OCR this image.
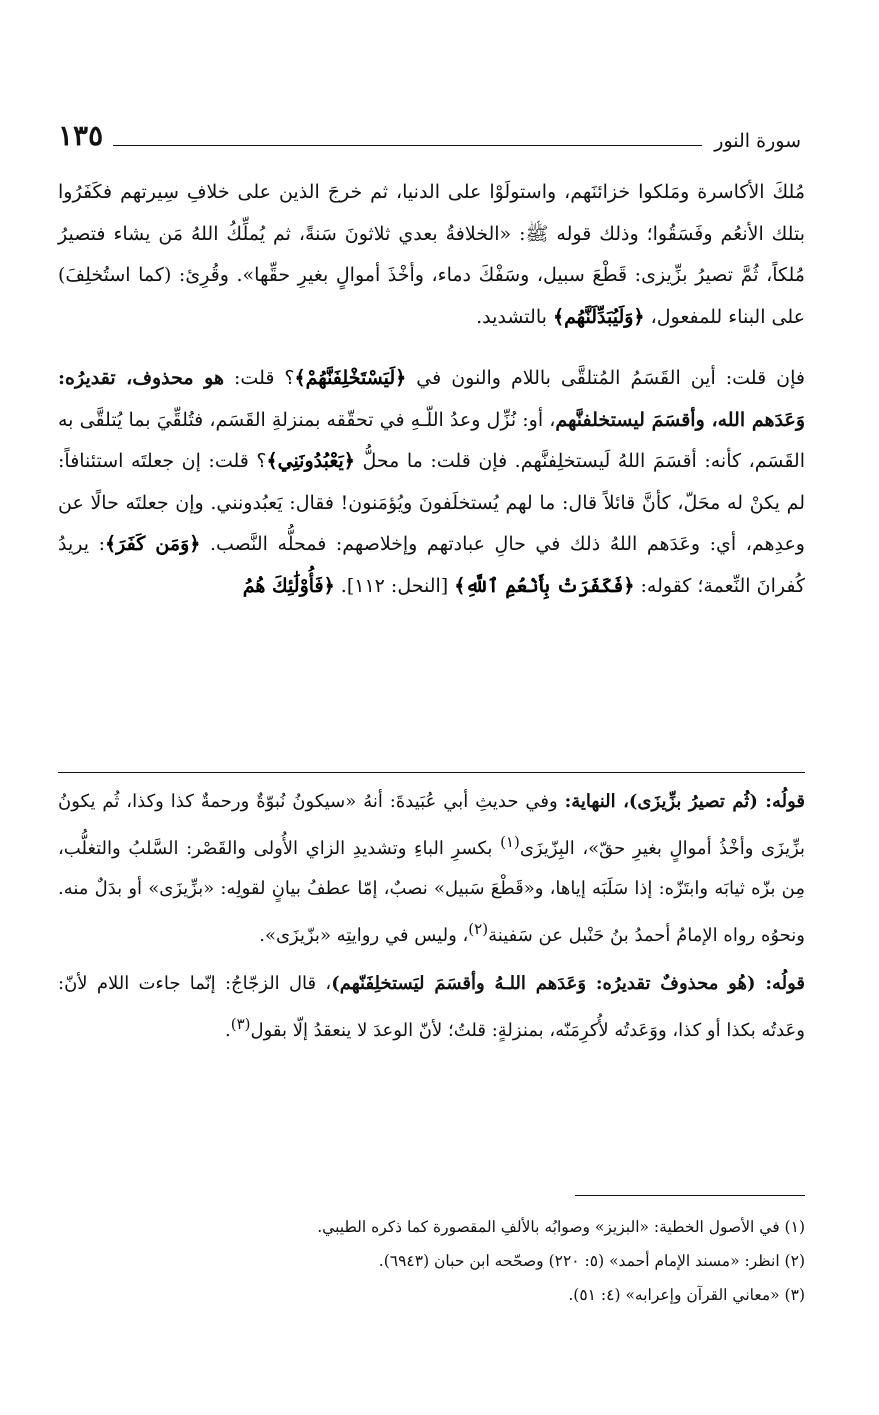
سورة النور
١٣٥

مُلكَ الأكاسرة ومَلكوا خزائنَهم، واستولَوْا على الدنيا، ثم خرجَ الذين على خلافِ سِيرتهم فكَفَرُوا بتلك الأنعُم وفَسَقُوا؛ وذلك قوله ﷺ: «الخلافةُ بعدي ثلاثونَ سَنةً، ثم يُملِّكُ اللهُ مَن يشاء فتصيرُ مُلكاً، ثُمَّ تصيرُ بزِّيزى: قَطْعَ سبيل، وسَفْكَ دماء، وأخْذَ أموالٍ بغيرِ حقِّها». وقُرِئ: (كما استُخلِفَ) على البناء للمفعول، ﴿وَلَيُبَدِّلَنَّهُم﴾ بالتشديد.

فإن قلت: أين القَسَمُ المُتلقَّى باللام والنون في ﴿لَيَسْتَخْلِفَنَّهُمْ﴾؟ قلت: هو محذوف، تقديرُه: وَعَدَهم الله، وأقسَمَ ليستخلفنَّهم، أو: نُزِّل وعدُ اللّـهِ في تحقّقه بمنزلةِ القَسَم، فتُلقِّيَ بما يُتلقَّى به القَسَم، كأنه: أقسَمَ اللهُ لَيستخلِفنَّهم. فإن قلت: ما محلُّ ﴿يَعْبُدُونَنِي﴾؟ قلت: إن جعلتَه استئنافاً: لم يكنْ له محَلّ، كأنَّ قائلاً قال: ما لهم يُستخلَفونَ ويُؤمَنون! فقال: يَعبُدونني. وإن جعلتَه حالًا عن وعدِهم، أي: وعَدَهم اللهُ ذلك في حالِ عبادتهم وإخلاصهم: فمحلُّه النَّصب. ﴿وَمَن كَفَرَ﴾: يريدُ كُفرانَ النِّعمة؛ كقوله: ﴿فَكَفَرَتْ بِأَنْعُمِ ٱللَّهِ﴾ [النحل: ١١٢]. ﴿فَأُوْلَٰئِكَ هُمُ

قولُه: (ثُم تصيرُ بزِّيزَى)، النهاية: وفي حديثِ أبي عُبَيدةَ: أنهُ «سيكونُ نُبوّةٌ ورحمةٌ كذا وكذا، ثُم يكونُ بزِّيزَى وأخْذُ أموالٍ بغيرِ حقّ»، البِزّيزَى$^{(١)}$ بكسرِ الباءِ وتشديدِ الزاي الأُولى والقَصْر: السَّلبُ والتغلُّب، مِن بزّه ثيابَه وابتَزّه: إذا سَلَبَه إياها، و«قَطْعَ سَبيل» نصبٌ، إمّا عطفُ بيانٍ لقولِه: «بزِّيزَى» أو بدَلٌ منه. ونحوُه رواه الإمامُ أحمدُ بنُ حَنْبل عن سَفينة$^{(٢)}$، وليس في روايتِه «بزّيزَى».

قولُه: (هُو محذوفٌ تقديرُه: وَعَدَهم اللـهُ وأقسَمَ ليَستخلِفَنّهم)، قال الزجّاجُ: إنّما جاءت اللام لأنّ: وعَدتُه بكذا أو كذا، ووَعَدتُه لأُكرِمَنّه، بمنزلةٍ: قلتُ؛ لأنّ الوعدَ لا ينعقدُ إلّا بقول$^{(٣)}$.

(١) في الأصول الخطية: «البزيز» وصوابُه بالألفِ المقصورة كما ذكره الطيبي.
(٢) انظر: «مسند الإمام أحمد» (٥: ٢٢٠) وصحّحه ابن حبان (٦٩٤٣).
(٣) «معاني القرآن وإعرابه» (٤: ٥١).
